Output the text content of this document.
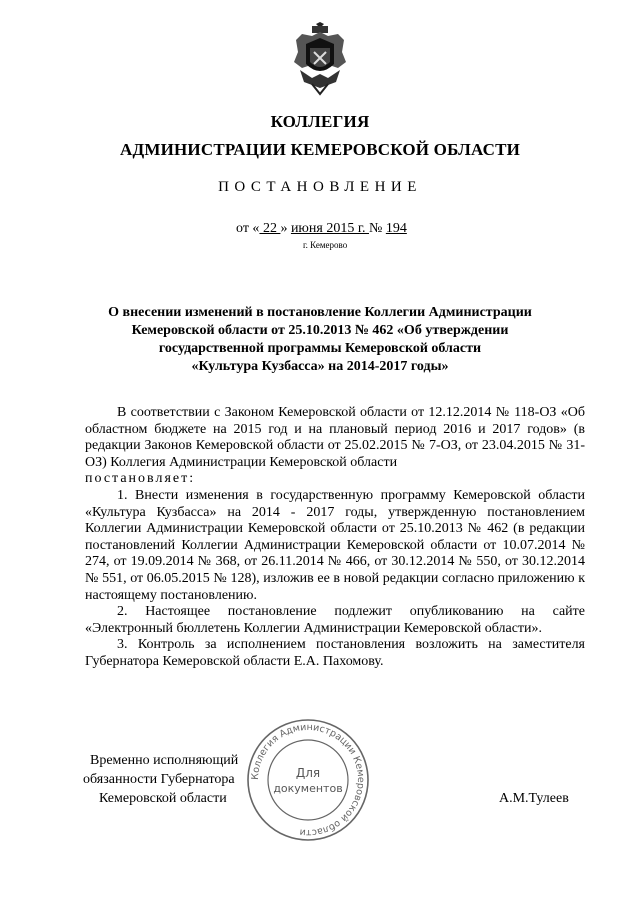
КОЛЛЕГИЯ
АДМИНИСТРАЦИИ КЕМЕРОВСКОЙ ОБЛАСТИ
ПОСТАНОВЛЕНИЕ
от « 22 » июня 2015 г. № 194
г. Кемерово
О внесении изменений в постановление Коллегии Администрации
Кемеровской области от 25.10.2013 № 462 «Об утверждении
государственной программы Кемеровской области
«Культура Кузбасса» на 2014-2017 годы»

В соответствии с Законом Кемеровской области от 12.12.2014 № 118-ОЗ «Об областном бюджете на 2015 год и на плановый период 2016 и 2017 годов» (в редакции Законов Кемеровской области от 25.02.2015 № 7-ОЗ, от 23.04.2015 № 31-ОЗ) Коллегия Администрации Кемеровской области

постановляет:

1. Внести изменения в государственную программу Кемеровской области «Культура Кузбасса» на 2014 - 2017 годы, утвержденную постановлением Коллегии Администрации Кемеровской области от 25.10.2013 № 462 (в редакции постановлений Коллегии Администрации Кемеровской области от 10.07.2014 № 274, от 19.09.2014 № 368, от 26.11.2014 № 466, от 30.12.2014 № 550, от 30.12.2014 № 551, от 06.05.2015 № 128), изложив ее в новой редакции согласно приложению к настоящему постановлению.

2. Настоящее постановление подлежит опубликованию на сайте «Электронный бюллетень Коллегии Администрации Кемеровской области».

3. Контроль за исполнением постановления возложить на заместителя Губернатора Кемеровской области Е.А. Пахомову.

Временно исполняющий
обязанности Губернатора
Кемеровской области	А.М.Тулеев
Коллегия Администрации Кемеровской области
Для
документов
